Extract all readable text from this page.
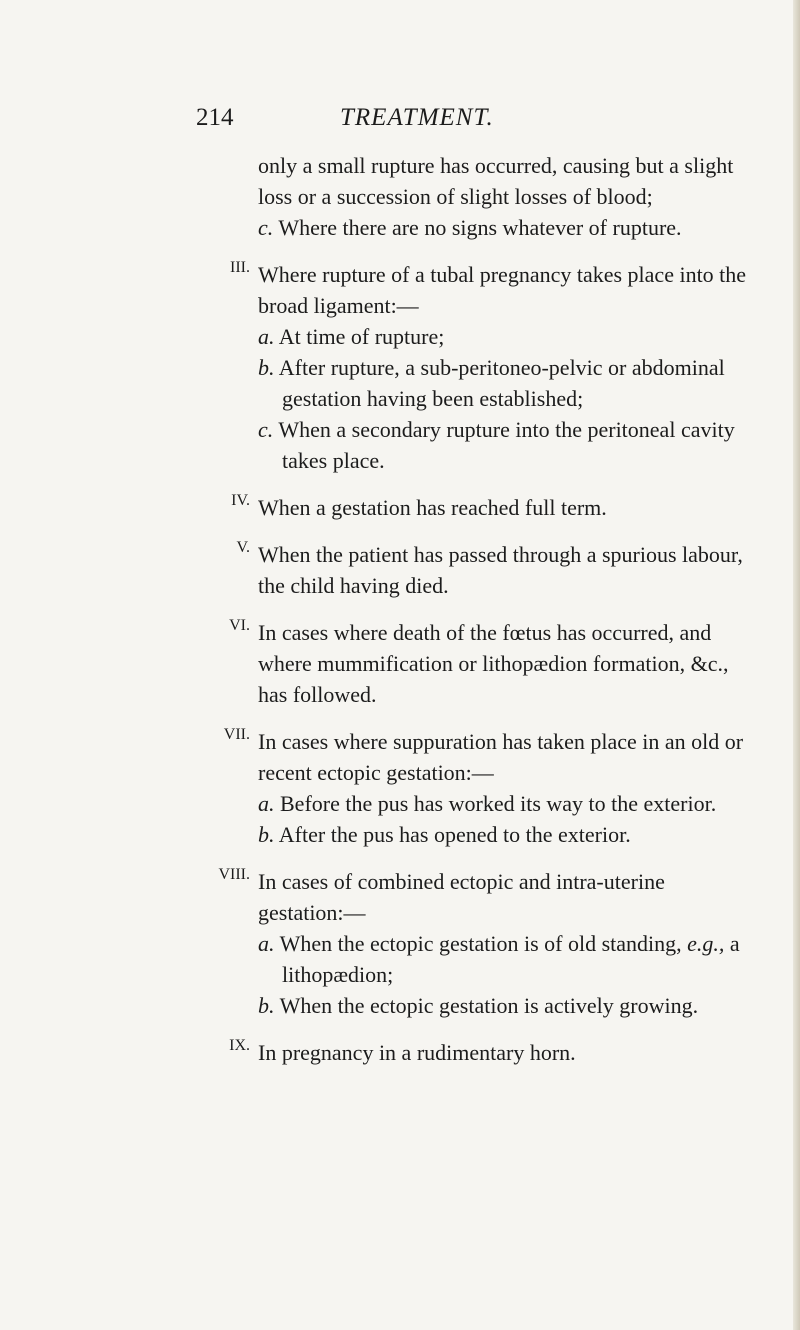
214	TREATMENT.

only a small rupture has occurred, causing but a slight loss or a succession of slight losses of blood;

c. Where there are no signs whatever of rupture.

III. Where rupture of a tubal pregnancy takes place into the broad ligament:—

a. At time of rupture;

b. After rupture, a sub-peritoneo-pelvic or abdominal gestation having been established;

c. When a secondary rupture into the peritoneal cavity takes place.

IV. When a gestation has reached full term.

V. When the patient has passed through a spurious labour, the child having died.

VI. In cases where death of the fœtus has occurred, and where mummification or lithopædion formation, &c., has followed.

VII. In cases where suppuration has taken place in an old or recent ectopic gestation:—

a. Before the pus has worked its way to the exterior.

b. After the pus has opened to the exterior.

VIII. In cases of combined ectopic and intra-uterine gestation:—

a. When the ectopic gestation is of old standing, e.g., a lithopædion;

b. When the ectopic gestation is actively growing.

IX. In pregnancy in a rudimentary horn.
